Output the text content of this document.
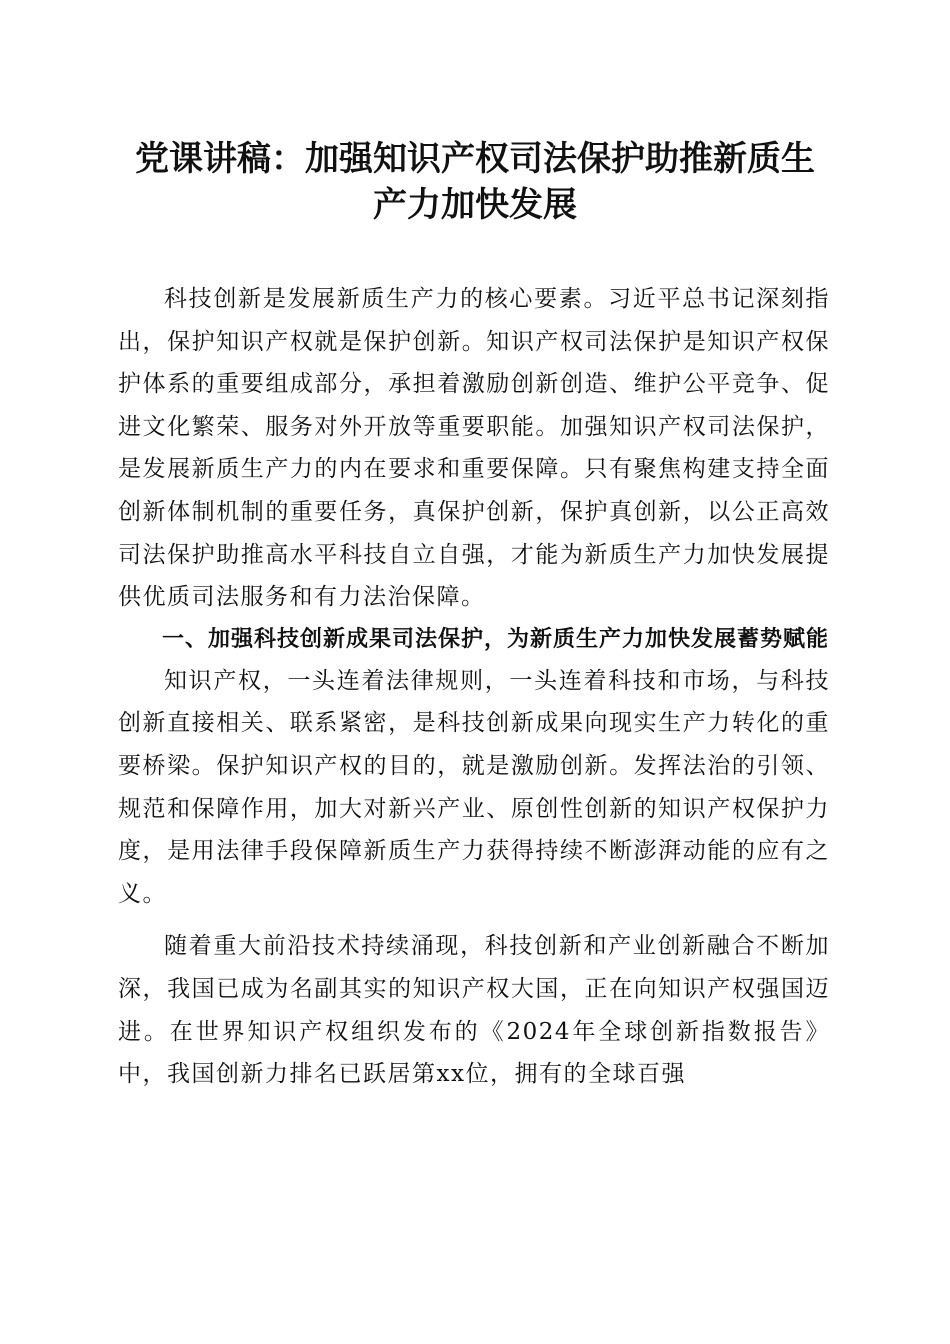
党课讲稿：加强知识产权司法保护助推新质生
产力加快发展

科技创新是发展新质生产力的核心要素。习近平总书记深刻指出，保护知识产权就是保护创新。知识产权司法保护是知识产权保护体系的重要组成部分，承担着激励创新创造、维护公平竞争、促进文化繁荣、服务对外开放等重要职能。加强知识产权司法保护，是发展新质生产力的内在要求和重要保障。只有聚焦构建支持全面创新体制机制的重要任务，真保护创新，保护真创新，以公正高效司法保护助推高水平科技自立自强，才能为新质生产力加快发展提供优质司法服务和有力法治保障。

一、加强科技创新成果司法保护，为新质生产力加快发展蓄势赋能

知识产权，一头连着法律规则，一头连着科技和市场，与科技创新直接相关、联系紧密，是科技创新成果向现实生产力转化的重要桥梁。保护知识产权的目的，就是激励创新。发挥法治的引领、规范和保障作用，加大对新兴产业、原创性创新的知识产权保护力度，是用法律手段保障新质生产力获得持续不断澎湃动能的应有之义。

随着重大前沿技术持续涌现，科技创新和产业创新融合不断加深，我国已成为名副其实的知识产权大国，正在向知识产权强国迈进。在世界知识产权组织发布的《2024年全球创新指数报告》中，我国创新力排名已跃居第xx位，拥有的全球百强
